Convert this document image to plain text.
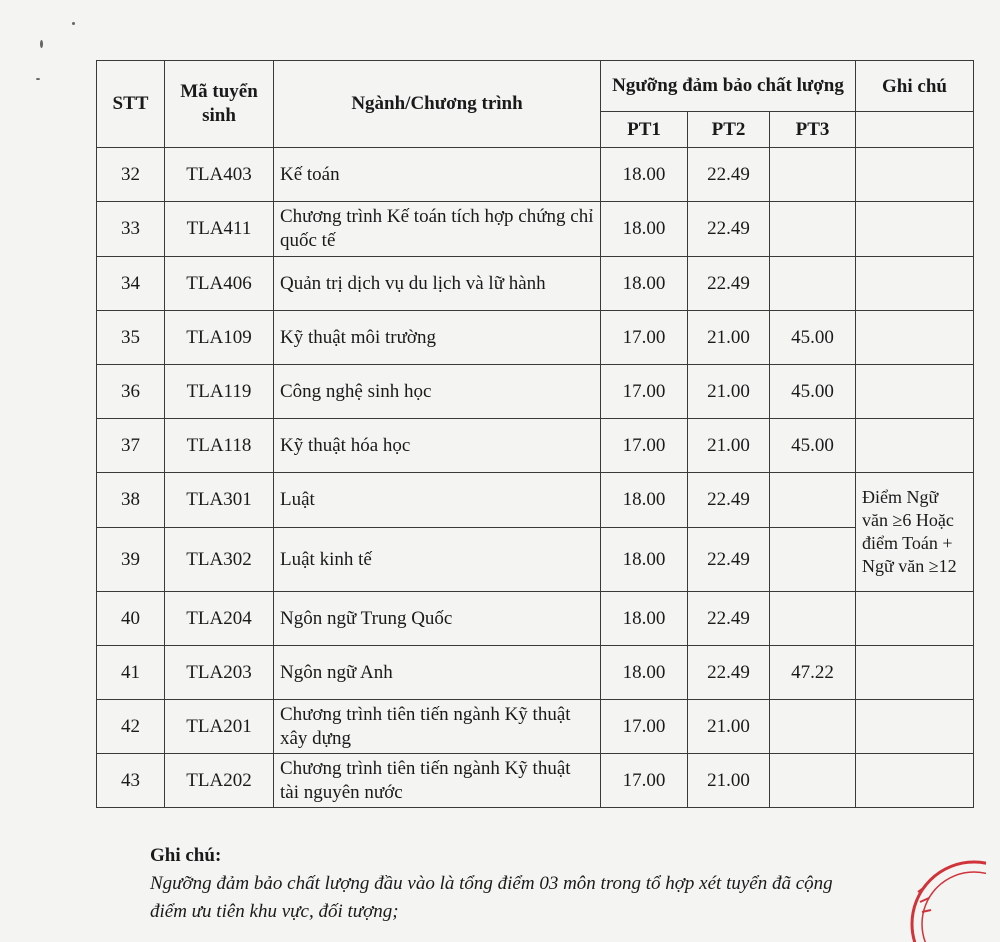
STT	Mã tuyển sinh	Ngành/Chương trình	Ngưỡng đảm bảo chất lượng			Ghi chú
			PT1	PT2	PT3	
32	TLA403	Kế toán	18.00	22.49		
33	TLA411	Chương trình Kế toán tích hợp chứng chỉ quốc tế	18.00	22.49		
34	TLA406	Quản trị dịch vụ du lịch và lữ hành	18.00	22.49		
35	TLA109	Kỹ thuật môi trường	17.00	21.00	45.00	
36	TLA119	Công nghệ sinh học	17.00	21.00	45.00	
37	TLA118	Kỹ thuật hóa học	17.00	21.00	45.00	
38	TLA301	Luật	18.00	22.49		Điểm Ngữ văn ≥6 Hoặc điểm Toán + Ngữ văn ≥12
39	TLA302	Luật kinh tế	18.00	22.49		
40	TLA204	Ngôn ngữ Trung Quốc	18.00	22.49		
41	TLA203	Ngôn ngữ Anh	18.00	22.49	47.22	
42	TLA201	Chương trình tiên tiến ngành Kỹ thuật xây dựng	17.00	21.00		
43	TLA202	Chương trình tiên tiến ngành Kỹ thuật tài nguyên nước	17.00	21.00		
Ghi chú:
Ngưỡng đảm bảo chất lượng đầu vào là tổng điểm 03 môn trong tổ hợp xét tuyển đã cộng
điểm ưu tiên khu vực, đối tượng;
